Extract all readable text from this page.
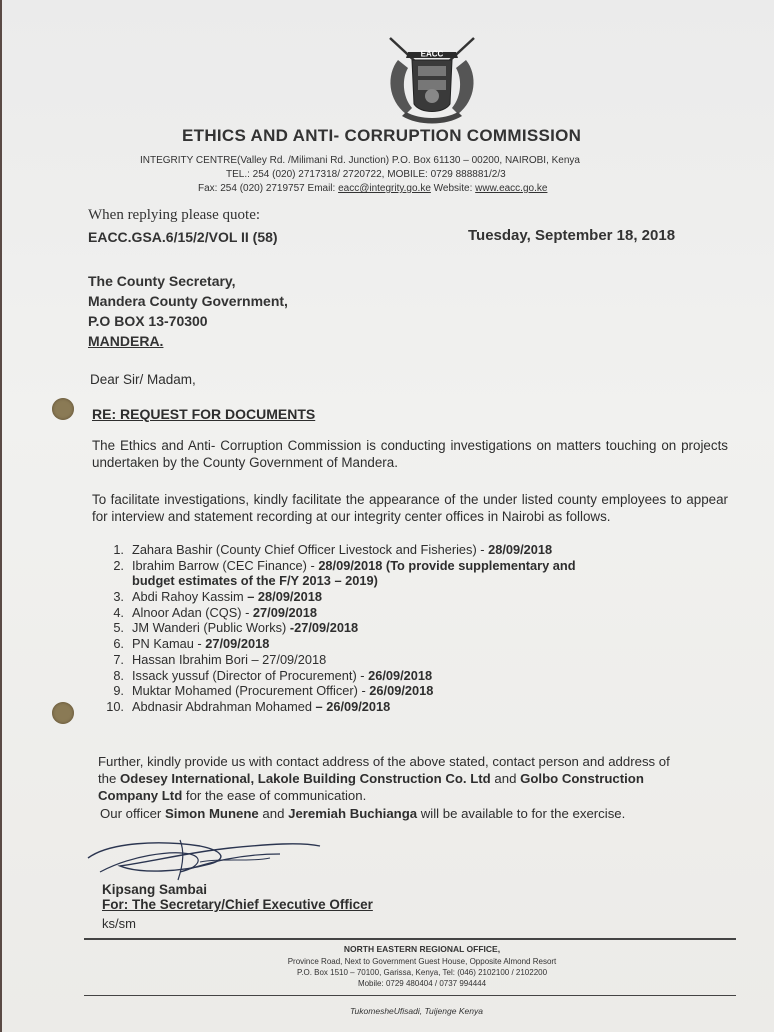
EACC
ETHICS AND ANTI- CORRUPTION COMMISSION
INTEGRITY CENTRE(Valley Rd. /Milimani Rd. Junction) P.O. Box 61130 – 00200, NAIROBI, Kenya
TEL.: 254 (020) 2717318/ 2720722, MOBILE: 0729 888881/2/3
Fax: 254 (020) 2719757 Email: eacc@integrity.go.ke Website: www.eacc.go.ke
When replying please quote:
EACC.GSA.6/15/2/VOL II (58)	Tuesday, September 18, 2018
The County Secretary,
Mandera County Government,
P.O BOX 13-70300
MANDERA.
Dear Sir/ Madam,
RE: REQUEST FOR DOCUMENTS
The Ethics and Anti- Corruption Commission is conducting investigations on matters touching on projects undertaken by the County Government of Mandera.
To facilitate investigations, kindly facilitate the appearance of the under listed county employees to appear for interview and statement recording at our integrity center offices in Nairobi as follows.
1. Zahara Bashir (County Chief Officer Livestock and Fisheries) - 28/09/2018
2. Ibrahim Barrow (CEC Finance) - 28/09/2018 (To provide supplementary and
budget estimates of the F/Y 2013 – 2019)
3. Abdi Rahoy Kassim – 28/09/2018
4. Alnoor Adan (CQS) - 27/09/2018
5. JM Wanderi (Public Works) -27/09/2018
6. PN Kamau - 27/09/2018
7. Hassan Ibrahim Bori – 27/09/2018
8. Issack yussuf (Director of Procurement) - 26/09/2018
9. Muktar Mohamed (Procurement Officer) - 26/09/2018
10. Abdnasir Abdrahman Mohamed – 26/09/2018
Further, kindly provide us with contact address of the above stated, contact person and address of
the Odesey International, Lakole Building Construction Co. Ltd and Golbo Construction
Company Ltd for the ease of communication.
Our officer Simon Munene and Jeremiah Buchianga will be available to for the exercise.
Kipsang Sambai
For: The Secretary/Chief Executive Officer
ks/sm
NORTH EASTERN REGIONAL OFFICE,
Province Road, Next to Government Guest House, Opposite Almond Resort
P.O. Box 1510 – 70100, Garissa, Kenya, Tel: (046) 2102100 / 2102200
Mobile: 0729 480404 / 0737 994444
TukomeshеUfisadi, Tuijenge Kenya
